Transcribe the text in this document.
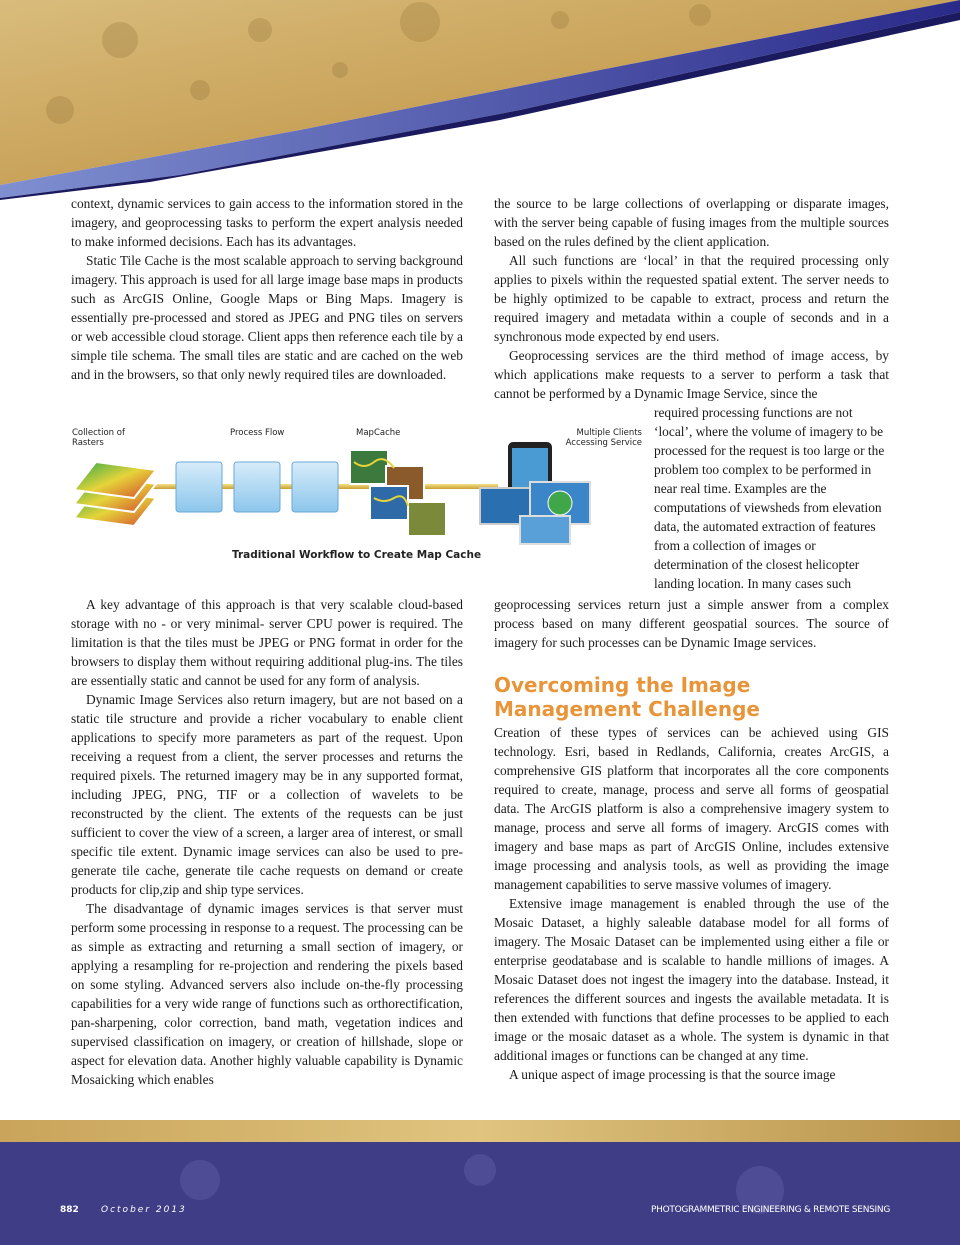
context, dynamic services to gain access to the information stored in the imagery, and geoprocessing tasks to perform the expert analysis needed to make informed decisions. Each has its advantages.

Static Tile Cache is the most scalable approach to serving background imagery. This approach is used for all large image base maps in products such as ArcGIS Online, Google Maps or Bing Maps. Imagery is essentially pre-processed and stored as JPEG and PNG tiles on servers or web accessible cloud storage. Client apps then reference each tile by a simple tile schema. The small tiles are static and are cached on the web and in the browsers, so that only newly required tiles are downloaded.

Collection of Rasters
Process Flow	MapCache	Multiple Clients Accessing Service
Traditional Workflow to Create Map Cache

A key advantage of this approach is that very scalable cloud-based storage with no - or very minimal- server CPU power is required. The limitation is that the tiles must be JPEG or PNG format in order for the browsers to display them without requiring additional plug-ins. The tiles are essentially static and cannot be used for any form of analysis.

Dynamic Image Services also return imagery, but are not based on a static tile structure and provide a richer vocabulary to enable client applications to specify more parameters as part of the request. Upon receiving a request from a client, the server processes and returns the required pixels. The returned imagery may be in any supported format, including JPEG, PNG, TIF or a collection of wavelets to be reconstructed by the client. The extents of the requests can be just sufficient to cover the view of a screen, a larger area of interest, or small specific tile extent. Dynamic image services can also be used to pre-generate tile cache, generate tile cache requests on demand or create products for clip,zip and ship type services.

The disadvantage of dynamic images services is that server must perform some processing in response to a request. The processing can be as simple as extracting and returning a small section of imagery, or applying a resampling for re-projection and rendering the pixels based on some styling. Advanced servers also include on-the-fly processing capabilities for a very wide range of functions such as orthorectification, pan-sharpening, color correction, band math, vegetation indices and supervised classification on imagery, or creation of hillshade, slope or aspect for elevation data. Another highly valuable capability is Dynamic Mosaicking which enables

the source to be large collections of overlapping or disparate images, with the server being capable of fusing images from the multiple sources based on the rules defined by the client application.

All such functions are ‘local’ in that the required processing only applies to pixels within the requested spatial extent. The server needs to be highly optimized to be capable to extract, process and return the required imagery and metadata within a couple of seconds and in a synchronous mode expected by end users.

Geoprocessing services are the third method of image access, by which applications make requests to a server to perform a task that cannot be performed by a Dynamic Image Service, since the

required processing functions are not ‘local’, where the volume of imagery to be processed for the request is too large or the problem too complex to be performed in near real time. Examples are the computations of viewsheds from elevation data, the automated extraction of features from a collection of images or determination of the closest helicopter landing location. In many cases such

geoprocessing services return just a simple answer from a complex process based on many different geospatial sources. The source of imagery for such processes can be Dynamic Image services.

Overcoming the Image Management Challenge

Creation of these types of services can be achieved using GIS technology. Esri, based in Redlands, California, creates ArcGIS, a comprehensive GIS platform that incorporates all the core components required to create, manage, process and serve all forms of geospatial data. The ArcGIS platform is also a comprehensive imagery system to manage, process and serve all forms of imagery. ArcGIS comes with imagery and base maps as part of ArcGIS Online, includes extensive image processing and analysis tools, as well as providing the image management capabilities to serve massive volumes of imagery.

Extensive image management is enabled through the use of the Mosaic Dataset, a highly saleable database model for all forms of imagery. The Mosaic Dataset can be implemented using either a file or enterprise geodatabase and is scalable to handle millions of images. A Mosaic Dataset does not ingest the imagery into the database. Instead, it references the different sources and ingests the available metadata. It is then extended with functions that define processes to be applied to each image or the mosaic dataset as a whole. The system is dynamic in that additional images or functions can be changed at any time.

A unique aspect of image processing is that the source image

882 October 2013	PHOTOGRAMMETRIC ENGINEERING & REMOTE SENSING
